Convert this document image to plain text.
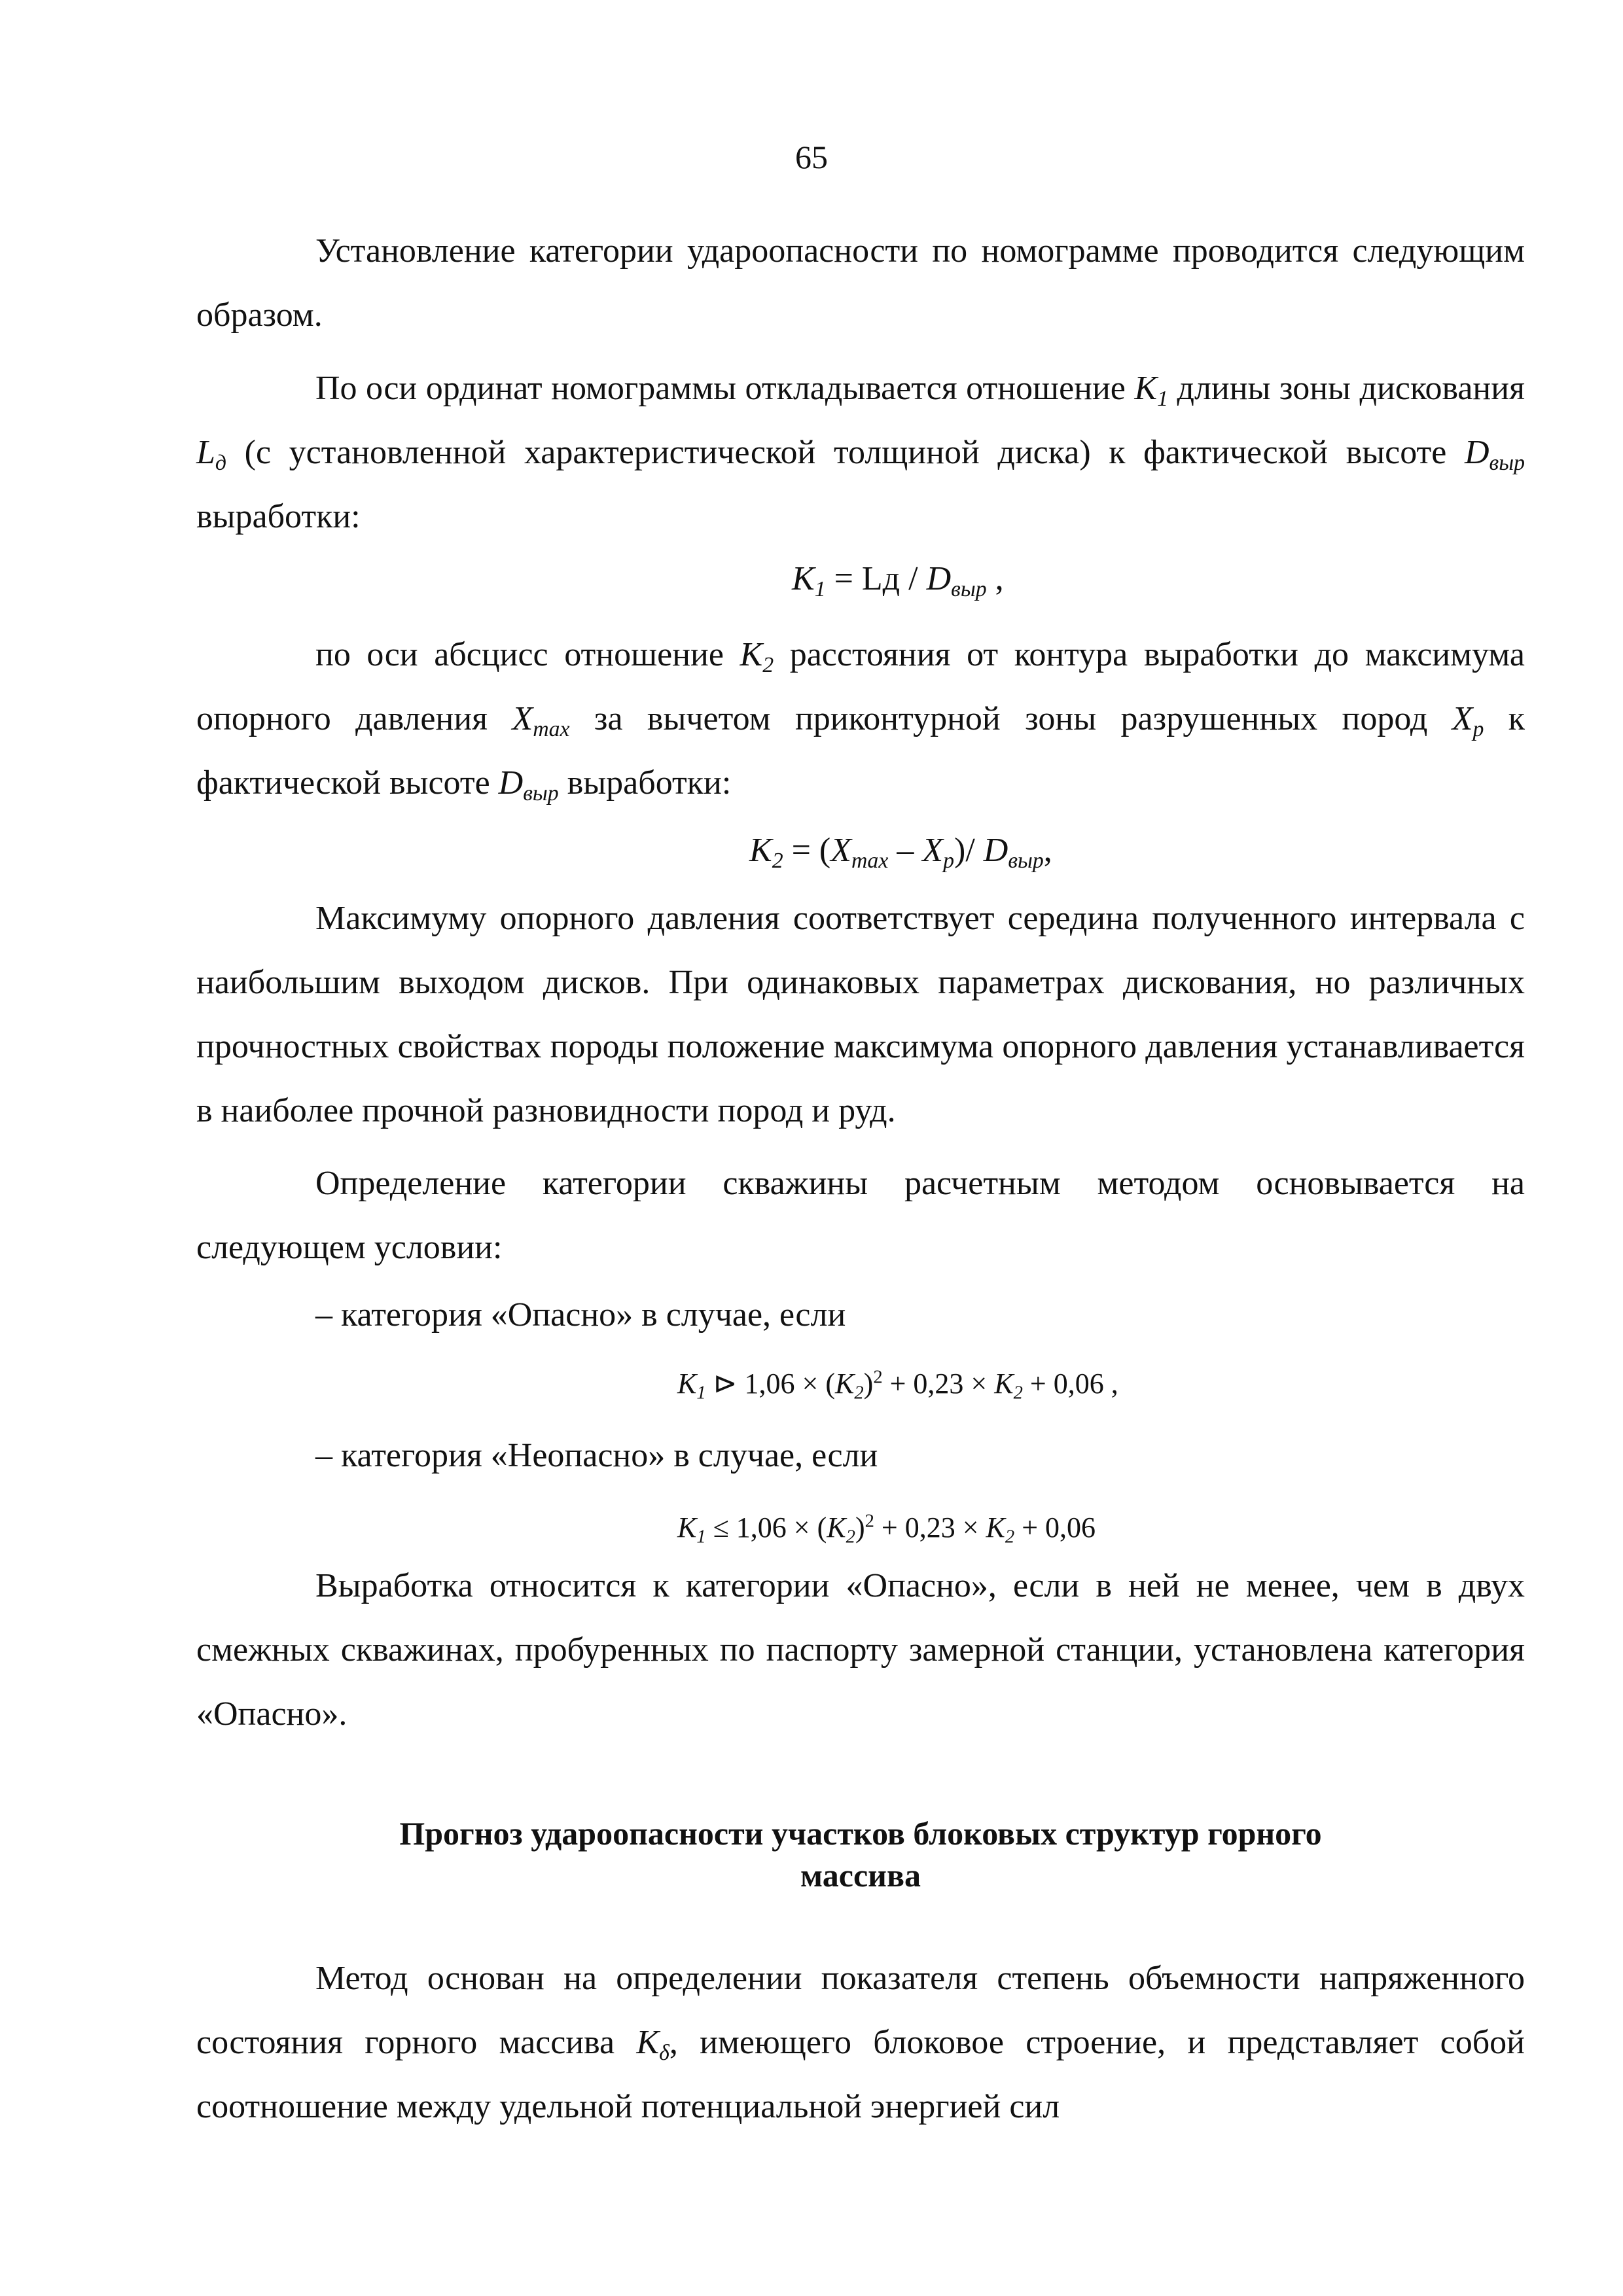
65
Установление категории удароопасности по номограмме проводится следующим образом.
По оси ординат номограммы откладывается отношение $K_1$ длины зоны дискования $L_д$ (с установленной характеристической толщиной диска) к фактической высоте $D_{выр}$ выработки:
$K_1$ = Lд / $D_{выр}$ ,
по оси абсцисс отношение $K_2$ расстояния от контура выработки до максимума опорного давления $X_{max}$ за вычетом приконтурной зоны разрушенных пород $X_p$ к фактической высоте $D_{выр}$ выработки:
$K_2 = (X_{max} - X_p)/$ $D_{выр}$,
Максимуму опорного давления соответствует середина полученного интервала с наибольшим выходом дисков. При одинаковых параметрах дискования, но различных прочностных свойствах породы положение максимума опорного давления устанавливается в наиболее прочной разновидности пород и руд.
Определение категории скважины расчетным методом основывается на следующем условии:
– категория «Опасно» в случае, если
$K_1$ ⊳ $1,06 \times (K_2)^2 + 0,23 \times K_2 + 0,06$ ,
– категория «Неопасно» в случае, если
$K_1 \le 1,06 \times (K_2)^2 + 0,23 \times K_2 + 0,06$
Выработка относится к категории «Опасно», если в ней не менее, чем в двух смежных скважинах, пробуренных по паспорту замерной станции, установлена категория «Опасно».
Прогноз удароопасности участков блоковых структур горного
массива
Метод основан на определении показателя степень объемности напряженного состояния горного массива $K_\delta$, имеющего блоковое строение, и представляет собой соотношение между удельной потенциальной энергией сил
